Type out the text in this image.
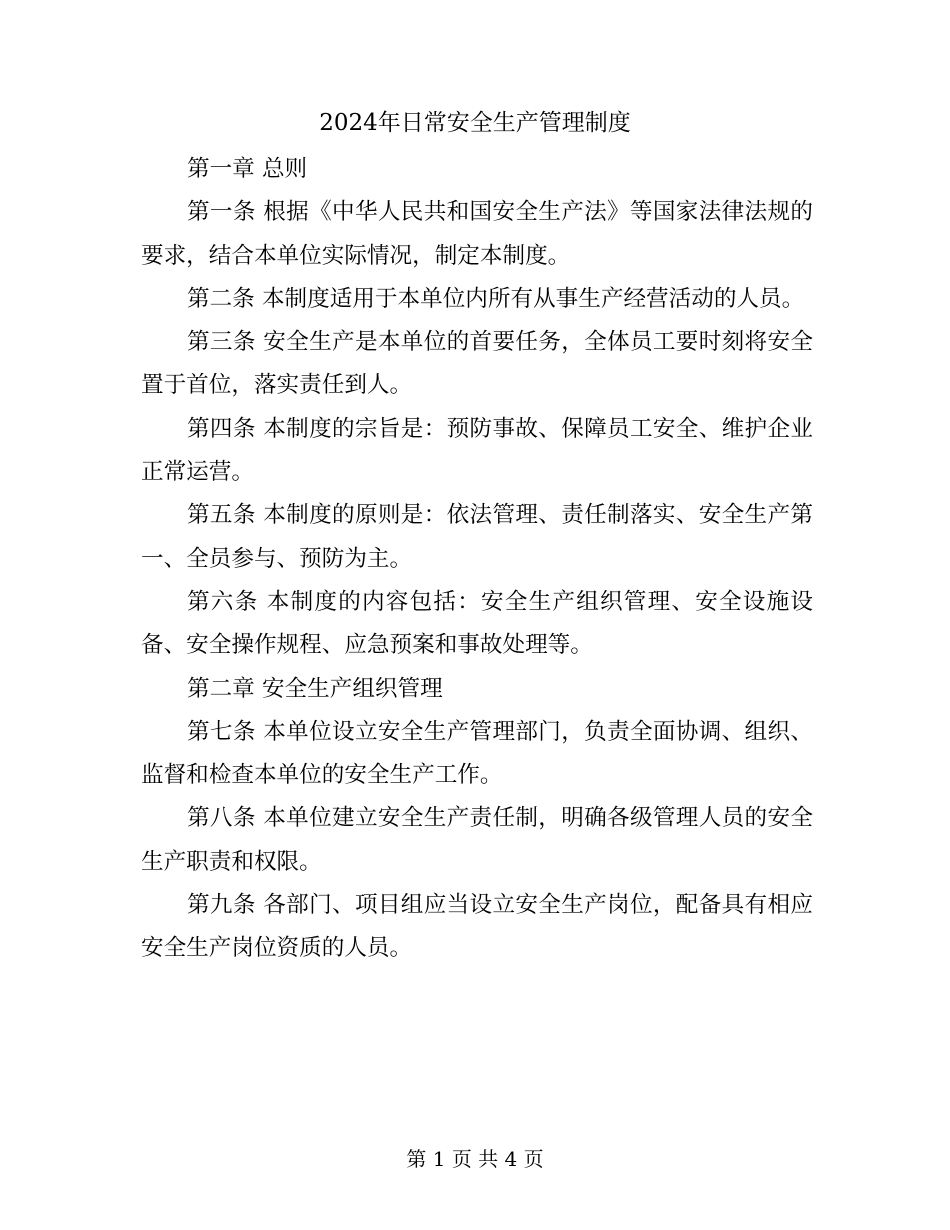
2024年日常安全生产管理制度

第一章 总则

第一条 根据《中华人民共和国安全生产法》等国家法律法规的要求，结合本单位实际情况，制定本制度。

第二条 本制度适用于本单位内所有从事生产经营活动的人员。

第三条 安全生产是本单位的首要任务，全体员工要时刻将安全置于首位，落实责任到人。

第四条 本制度的宗旨是：预防事故、保障员工安全、维护企业正常运营。

第五条 本制度的原则是：依法管理、责任制落实、安全生产第一、全员参与、预防为主。

第六条 本制度的内容包括：安全生产组织管理、安全设施设备、安全操作规程、应急预案和事故处理等。

第二章 安全生产组织管理

第七条 本单位设立安全生产管理部门，负责全面协调、组织、监督和检查本单位的安全生产工作。

第八条 本单位建立安全生产责任制，明确各级管理人员的安全生产职责和权限。

第九条 各部门、项目组应当设立安全生产岗位，配备具有相应安全生产岗位资质的人员。

第 1 页 共 4 页
